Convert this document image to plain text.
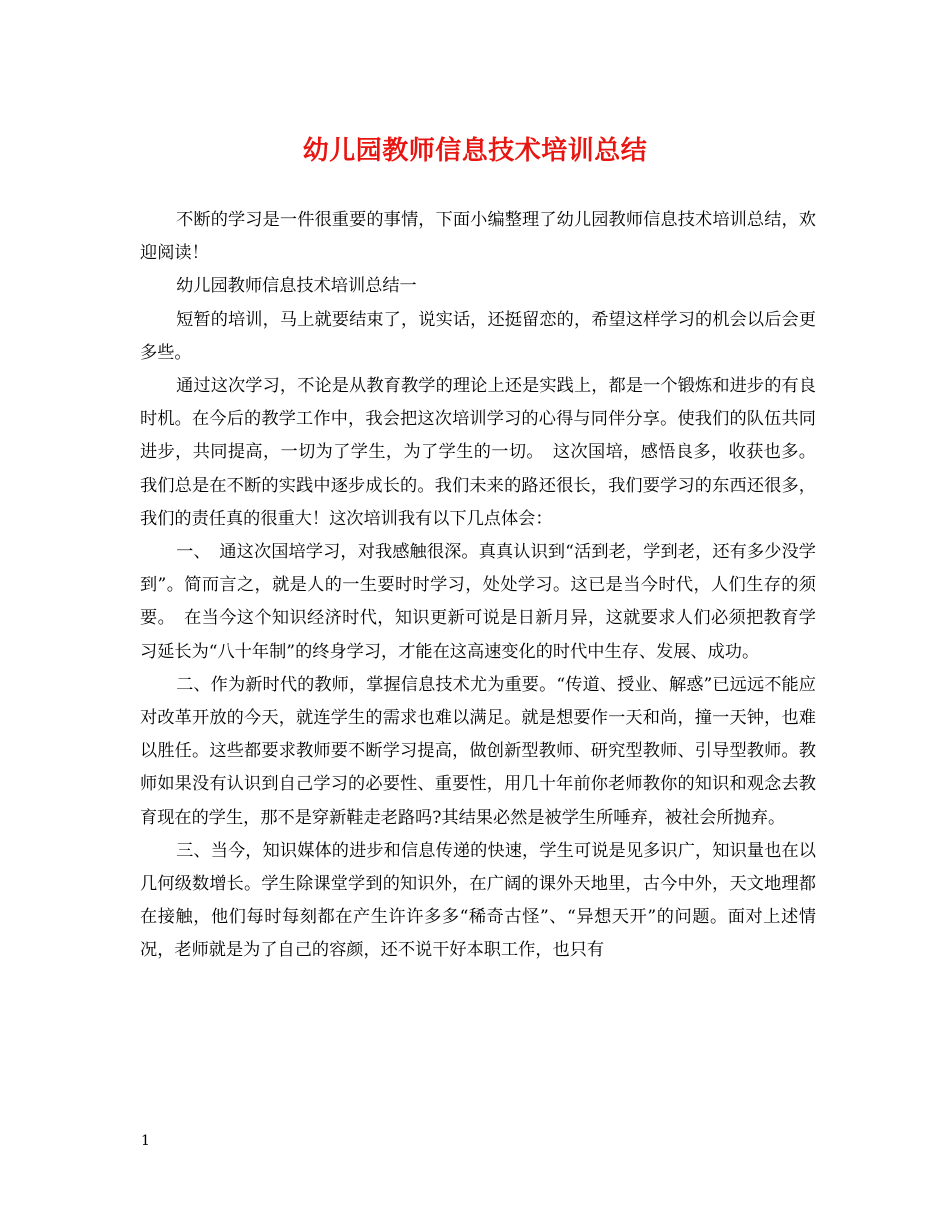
幼儿园教师信息技术培训总结

不断的学习是一件很重要的事情，下面小编整理了幼儿园教师信息技术培训总结，欢迎阅读！

幼儿园教师信息技术培训总结一

短暂的培训，马上就要结束了，说实话，还挺留恋的，希望这样学习的机会以后会更多些。

通过这次学习，不论是从教育教学的理论上还是实践上，都是一个锻炼和进步的有良时机。在今后的教学工作中，我会把这次培训学习的心得与同伴分享。使我们的队伍共同进步，共同提高，一切为了学生，为了学生的一切。　这次国培，感悟良多，收获也多。我们总是在不断的实践中逐步成长的。我们未来的路还很长，我们要学习的东西还很多，我们的责任真的很重大！这次培训我有以下几点体会：

一、　通这次国培学习，对我感触很深。真真认识到“活到老，学到老，还有多少没学到”。简而言之，就是人的一生要时时学习，处处学习。这已是当今时代，人们生存的须要。　在当今这个知识经济时代，知识更新可说是日新月异，这就要求人们必须把教育学习延长为“八十年制”的终身学习，才能在这高速变化的时代中生存、发展、成功。

二、作为新时代的教师，掌握信息技术尤为重要。“传道、授业、解惑”已远远不能应对改革开放的今天，就连学生的需求也难以满足。就是想要作一天和尚，撞一天钟，也难以胜任。这些都要求教师要不断学习提高，做创新型教师、研究型教师、引导型教师。教师如果没有认识到自己学习的必要性、重要性，用几十年前你老师教你的知识和观念去教育现在的学生，那不是穿新鞋走老路吗?其结果必然是被学生所唾弃，被社会所抛弃。

三、当今，知识媒体的进步和信息传递的快速，学生可说是见多识广，知识量也在以几何级数增长。学生除课堂学到的知识外，在广阔的课外天地里，古今中外，天文地理都在接触，他们每时每刻都在产生许许多多“稀奇古怪”、“异想天开”的问题。面对上述情况，老师就是为了自己的容颜，还不说干好本职工作，也只有

1
